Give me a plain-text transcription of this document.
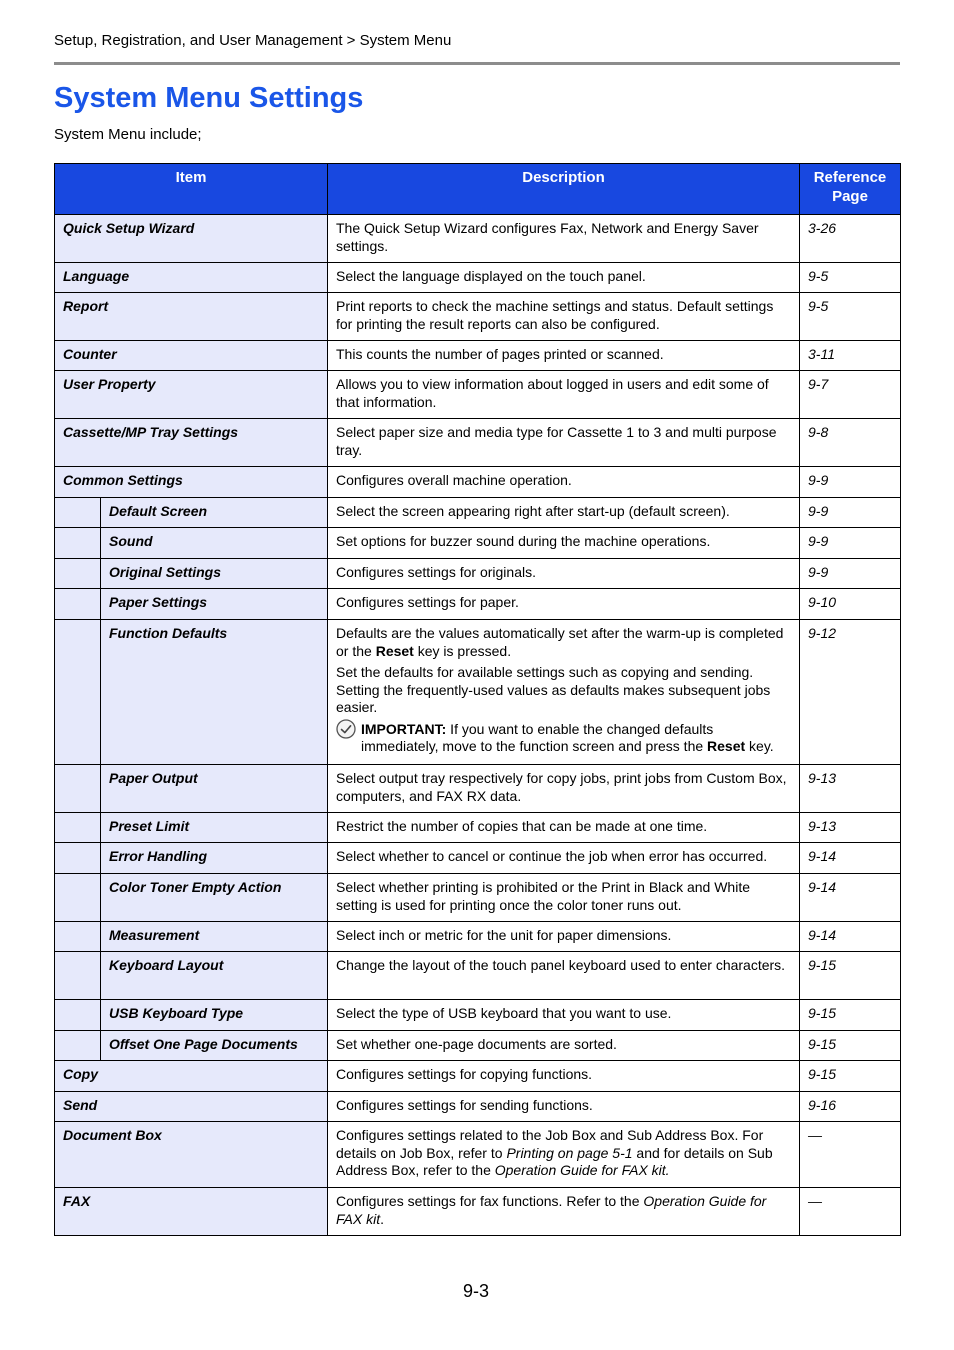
Setup, Registration, and User Management > System Menu
System Menu Settings
System Menu include;
Item		Description	Reference Page
Quick Setup Wizard		The Quick Setup Wizard configures Fax, Network and Energy Saver settings.	3-26
Language		Select the language displayed on the touch panel.	9-5
Report		Print reports to check the machine settings and status. Default settings for printing the result reports can also be configured.	9-5
Counter		This counts the number of pages printed or scanned.	3-11
User Property		Allows you to view information about logged in users and edit some of that information.	9-7
Cassette/MP Tray Settings		Select paper size and media type for Cassette 1 to 3 and multi purpose tray.	9-8
Common Settings		Configures overall machine operation.	9-9
	Default Screen	Select the screen appearing right after start-up (default screen).	9-9
	Sound	Set options for buzzer sound during the machine operations.	9-9
	Original Settings	Configures settings for originals.	9-9
	Paper Settings	Configures settings for paper.	9-10
	Function Defaults	Defaults are the values automatically set after the warm-up is completed or the Reset key is pressed.
Set the defaults for available settings such as copying and sending. Setting the frequently-used values as defaults makes subsequent jobs easier.
IMPORTANT: If you want to enable the changed defaults immediately, move to the function screen and press the Reset key.	9-12
	Paper Output	Select output tray respectively for copy jobs, print jobs from Custom Box, computers, and FAX RX data.	9-13
	Preset Limit	Restrict the number of copies that can be made at one time.	9-13
	Error Handling	Select whether to cancel or continue the job when error has occurred.	9-14
	Color Toner Empty Action	Select whether printing is prohibited or the Print in Black and White setting is used for printing once the color toner runs out.	9-14
	Measurement	Select inch or metric for the unit for paper dimensions.	9-14
	Keyboard Layout	Change the layout of the touch panel keyboard used to enter characters.	9-15
	USB Keyboard Type	Select the type of USB keyboard that you want to use.	9-15
	Offset One Page Documents	Set whether one-page documents are sorted.	9-15
Copy		Configures settings for copying functions.	9-15
Send		Configures settings for sending functions.	9-16
Document Box		Configures settings related to the Job Box and Sub Address Box. For details on Job Box, refer to Printing on page 5-1 and for details on Sub Address Box, refer to the Operation Guide for FAX kit.	—
FAX		Configures settings for fax functions. Refer to the Operation Guide for FAX kit.	—
9-3
